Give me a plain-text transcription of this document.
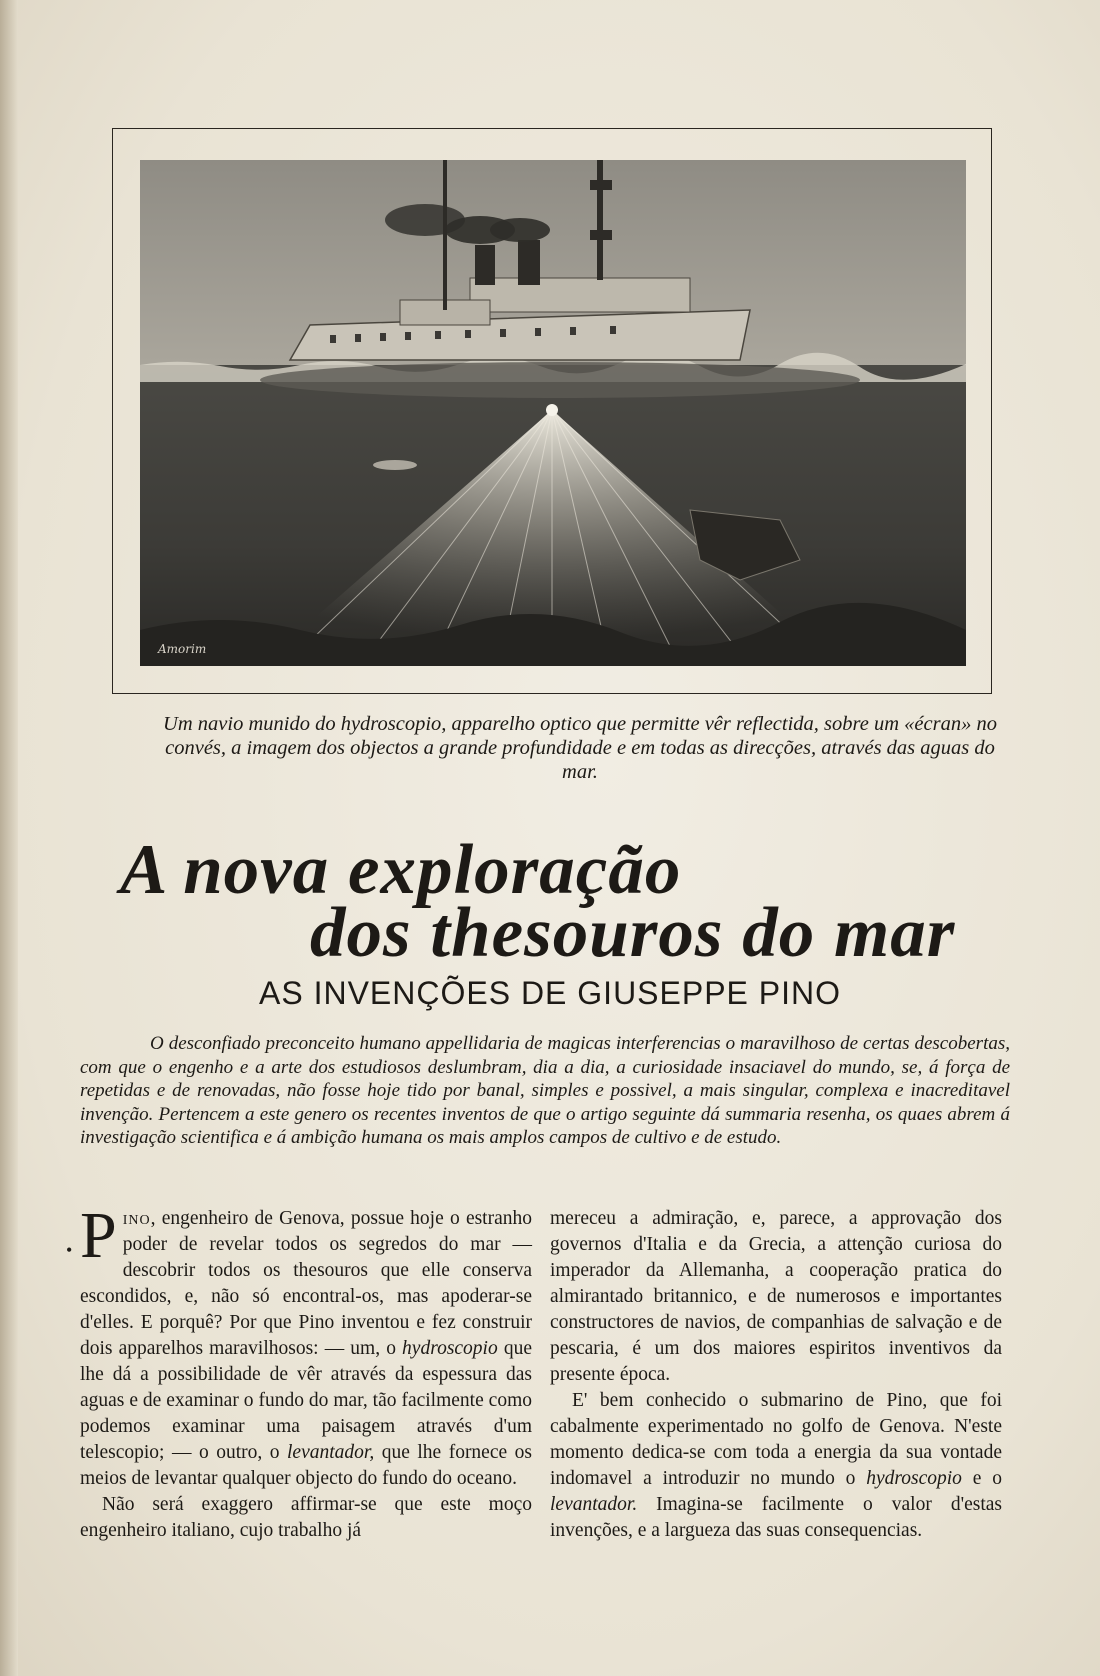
Amorim
Um navio munido do hydroscopio, apparelho optico que permitte vêr reflectida, sobre um «écran» no convés, a imagem dos objectos a grande profundidade e em todas as direcções, através das aguas do mar.
A nova exploração
dos thesouros do mar
AS INVENÇÕES DE GIUSEPPE PINO

O desconfiado preconceito humano appellidaria de magicas interferencias o maravilhoso de certas descobertas, com que o engenho e a arte dos estudiosos deslumbram, dia a dia, a curiosidade insaciavel do mundo, se, á força de repetidas e de renovadas, não fosse hoje tido por banal, simples e possivel, a mais singular, complexa e inacreditavel invenção. Pertencem a este genero os recentes inventos de que o artigo seguinte dá summaria resenha, os quaes abrem á investigação scientifica e á ambição humana os mais amplos campos de cultivo e de estudo.

• Pino, engenheiro de Genova, possue hoje o estranho poder de revelar todos os segredos do mar — descobrir todos os thesouros que elle conserva escondidos, e, não só encontral-os, mas apoderar-se d'elles. E porquê? Por que Pino inventou e fez construir dois apparelhos maravilhosos: — um, o hydroscopio que lhe dá a possibilidade de vêr através da espessura das aguas e de examinar o fundo do mar, tão facilmente como podemos examinar uma paisagem através d'um telescopio; — o outro, o levantador, que lhe fornece os meios de levantar qualquer objecto do fundo do oceano.

Não será exaggero affirmar-se que este moço engenheiro italiano, cujo trabalho já

mereceu a admiração, e, parece, a approvação dos governos d'Italia e da Grecia, a attenção curiosa do imperador da Allemanha, a cooperação pratica do almirantado britannico, e de numerosos e importantes constructores de navios, de companhias de salvação e de pescaria, é um dos maiores espiritos inventivos da presente época.

E' bem conhecido o submarino de Pino, que foi cabalmente experimentado no golfo de Genova. N'este momento dedica-se com toda a energia da sua vontade indomavel a introduzir no mundo o hydroscopio e o levantador. Imagina-se facilmente o valor d'estas invenções, e a largueza das suas consequencias.
